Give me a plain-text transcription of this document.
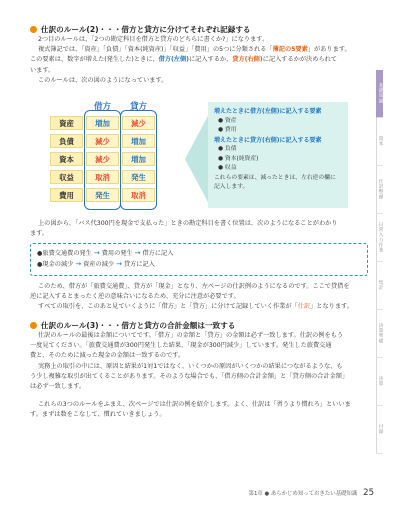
仕訳のルール(2)・・・借方と貸方に分けてそれぞれ記録する
2つ目のルールは、「2つの勘定科目を借方と貸方のどちらに書くか?」になります。
複式簿記では、「資産」「負債」「資本(純資産)」「収益」「費用」の5つに分類される「簿記の5要素」があります。
この要素は、数字が増えた(発生した)ときに、借方(左側)に記入するか、貸方(右側)に記入するかが決められて
います。
このルールは、次の図のようになっています。
借方	貸方
資産	増加	減少
負債	減少	増加
資本	減少	増加
収益	取消	発生
費用	発生	取消
増えたときに借方(左側)に記入する要素
● 資産
● 費用
増えたときに貸方(右側)に記入する要素
● 負債
● 資本(純資産)
● 収益
これらの要素は、減ったときは、左右逆の欄に
記入します。
上の図から、「バス代300円を現金で支払った」ときの勘定科目を書く位置は、次のようになることがわかり
ます。
●旅費交通費の発生 → 費用の発生 → 借方に記入
●現金の減少 → 資産の減少 → 貸方に記入
このため、借方が「旅費交通費」、貸方が「現金」となり、左ページの仕訳例のようになるのです。ここで貸借を
逆に記入するとまったく逆の意味合いになるため、充分に注意が必要です。
すべての取引を、このあと見ていくように「借方」と「貸方」に分けて記録していく作業が「仕訳」となります。
仕訳のルール(3)・・・借方と貸方の合計金額は一致する
仕訳のルールの最後は金額についてです。「借方」の金額と「貸方」の金額は必ず一致します。仕訳の例をもう
一度見てください。「旅費交通費が300円発生した結果、「現金が300円減少」しています。発生した旅費交通
費と、そのために減った現金の金額は一致するのです。
実務上の取引の中には、原因と結果が1対1ではなく、いくつかの原因がいくつかの結果につながるような、も
う少し複雑な取引が出てくることがあります。そのような場合でも、「借方側の合計金額」と「貸方側の合計金額」
は必ず一致します。
これらの3つのルールをふまえ、次ページでは仕訳の例を紹介します。よく、仕訳は「習うより慣れろ」といいま
す。まずは数をこなして、慣れていきましょう。
基礎知識
資本
仕訳整理
日常入力作業
集計
決算準備
決算
付録
第1章 ● あらかじめ知っておきたい基礎知識 25
